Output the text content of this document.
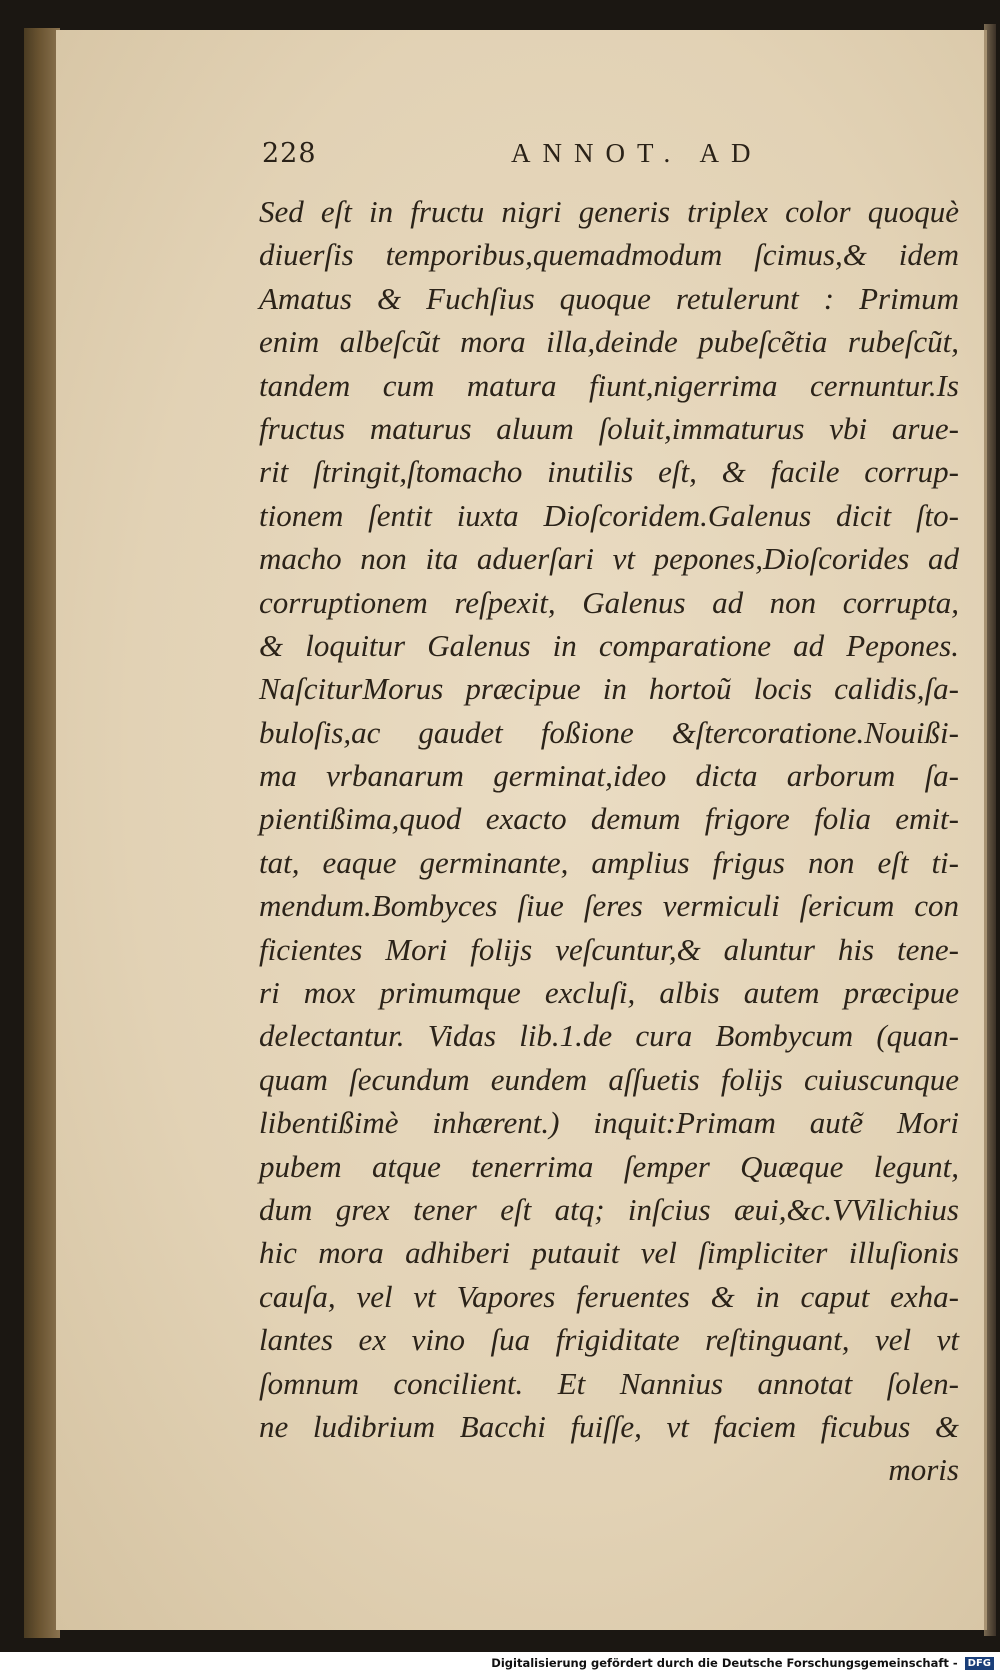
228	ANNOT. AD
Sed eſt in fructu nigri generis triplex color quoquè
diuerſis temporibus,quemadmodum ſcimus,& idem
Amatus & Fuchſius quoque retulerunt : Primum
enim albeſcũt mora illa,deinde pubeſcẽtia rubeſcũt,
tandem cum matura fiunt,nigerrima cernuntur.Is
fructus maturus aluum ſoluit,immaturus vbi arue-
rit ſtringit,ſtomacho inutilis eſt, & facile corrup-
tionem ſentit iuxta Dioſcoridem.Galenus dicit ſto-
macho non ita aduerſari vt pepones,Dioſcorides ad
corruptionem reſpexit, Galenus ad non corrupta,
& loquitur Galenus in comparatione ad Pepones.
NaſciturMorus præcipue in hortoũ locis calidis,ſa-
buloſis,ac gaudet foßione &ſtercoratione.Nouißi-
ma vrbanarum germinat,ideo dicta arborum ſa-
pientißima,quod exacto demum frigore folia emit-
tat, eaque germinante, amplius frigus non eſt ti-
mendum.Bombyces ſiue ſeres vermiculi ſericum con
ficientes Mori folijs veſcuntur,& aluntur his tene-
ri mox primumque excluſi, albis autem præcipue
delectantur. Vidas lib.1.de cura Bombycum (quan-
quam ſecundum eundem aſſuetis folijs cuiuscunque
libentißimè inhærent.) inquit:Primam autẽ Mori
pubem atque tenerrima ſemper Quæque legunt,
dum grex tener eſt atq; inſcius æui,&c.VVilichius
hic mora adhiberi putauit vel ſimpliciter illuſionis
cauſa, vel vt Vapores feruentes & in caput exha-
lantes ex vino ſua frigiditate reſtinguant, vel vt
ſomnum concilient. Et Nannius annotat ſolen-
ne ludibrium Bacchi fuiſſe, vt faciem ficubus &
moris
Digitalisierung gefördert durch die Deutsche Forschungsgemeinschaft - DFG
